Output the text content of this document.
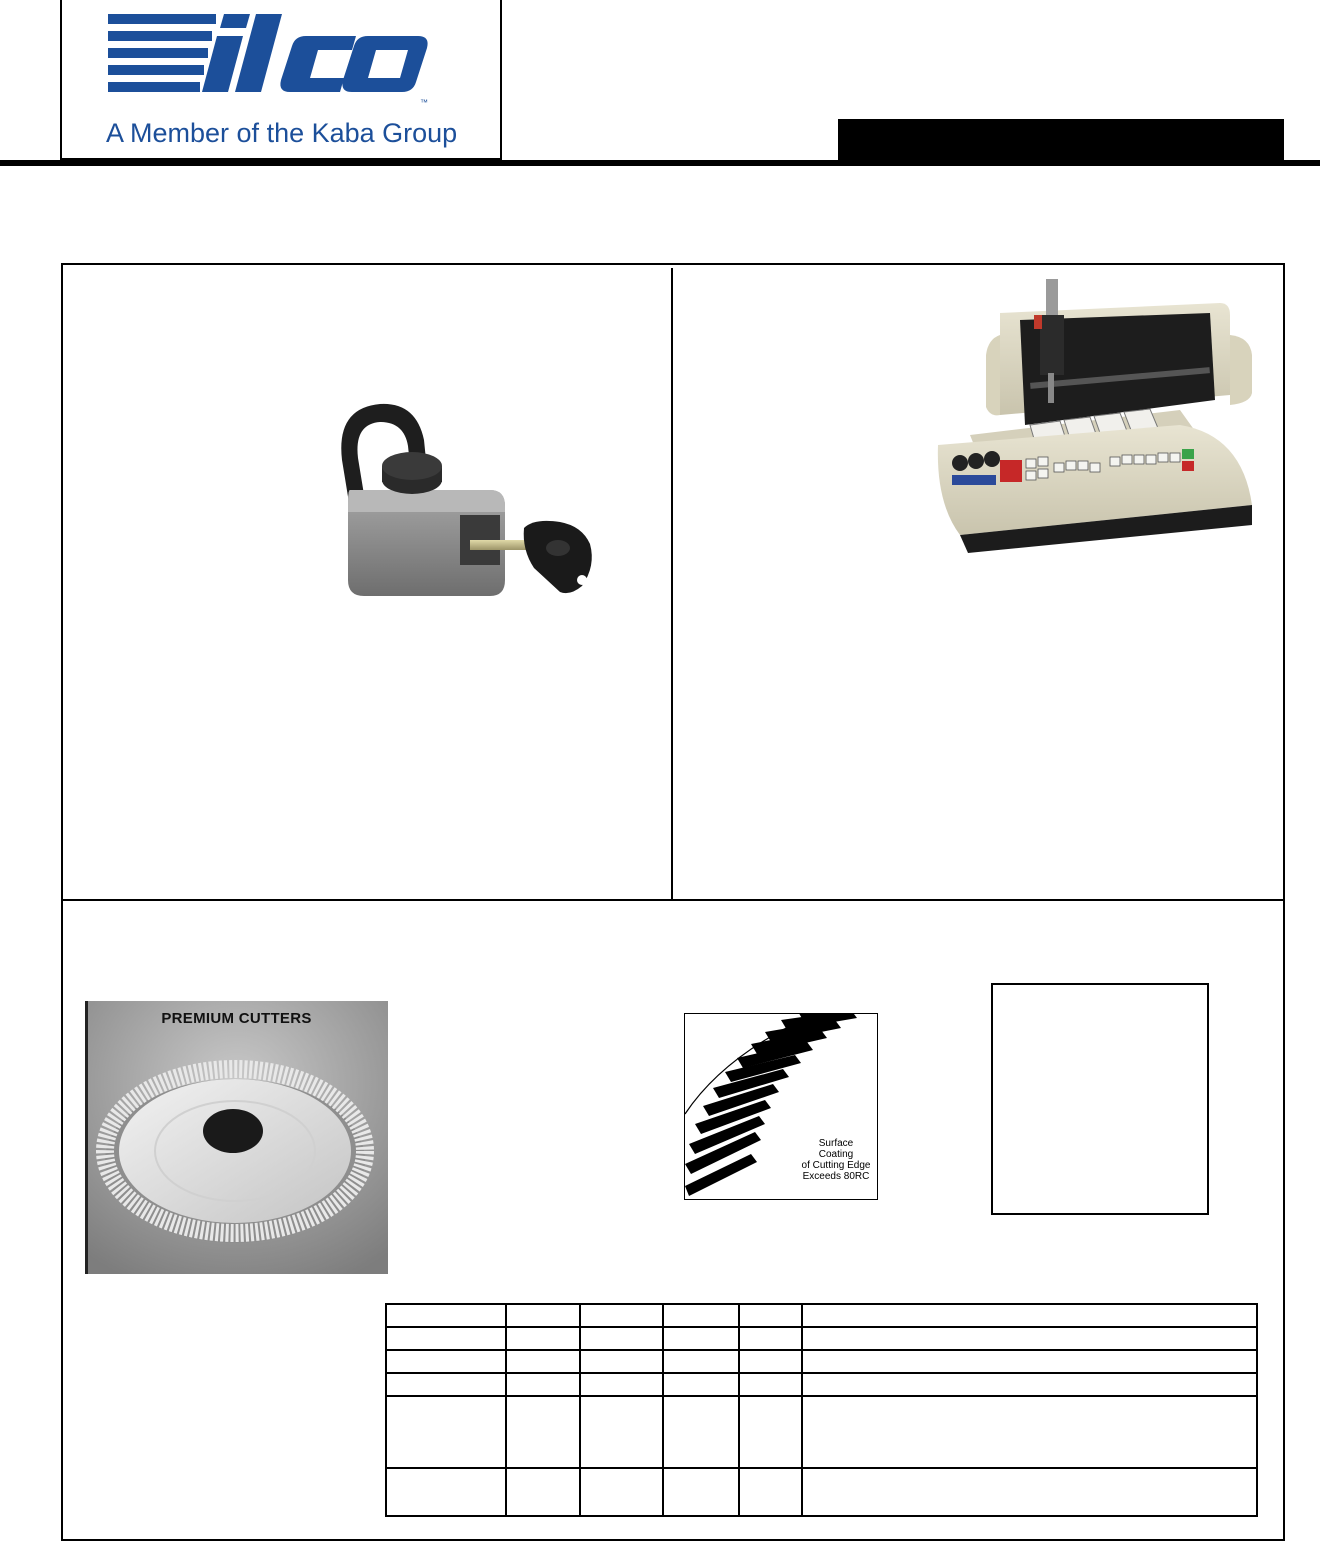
™
A Member of the Kaba Group
PREMIUM CUTTERS
Surface
Coating
of Cutting Edge
Exceeds 80RC
